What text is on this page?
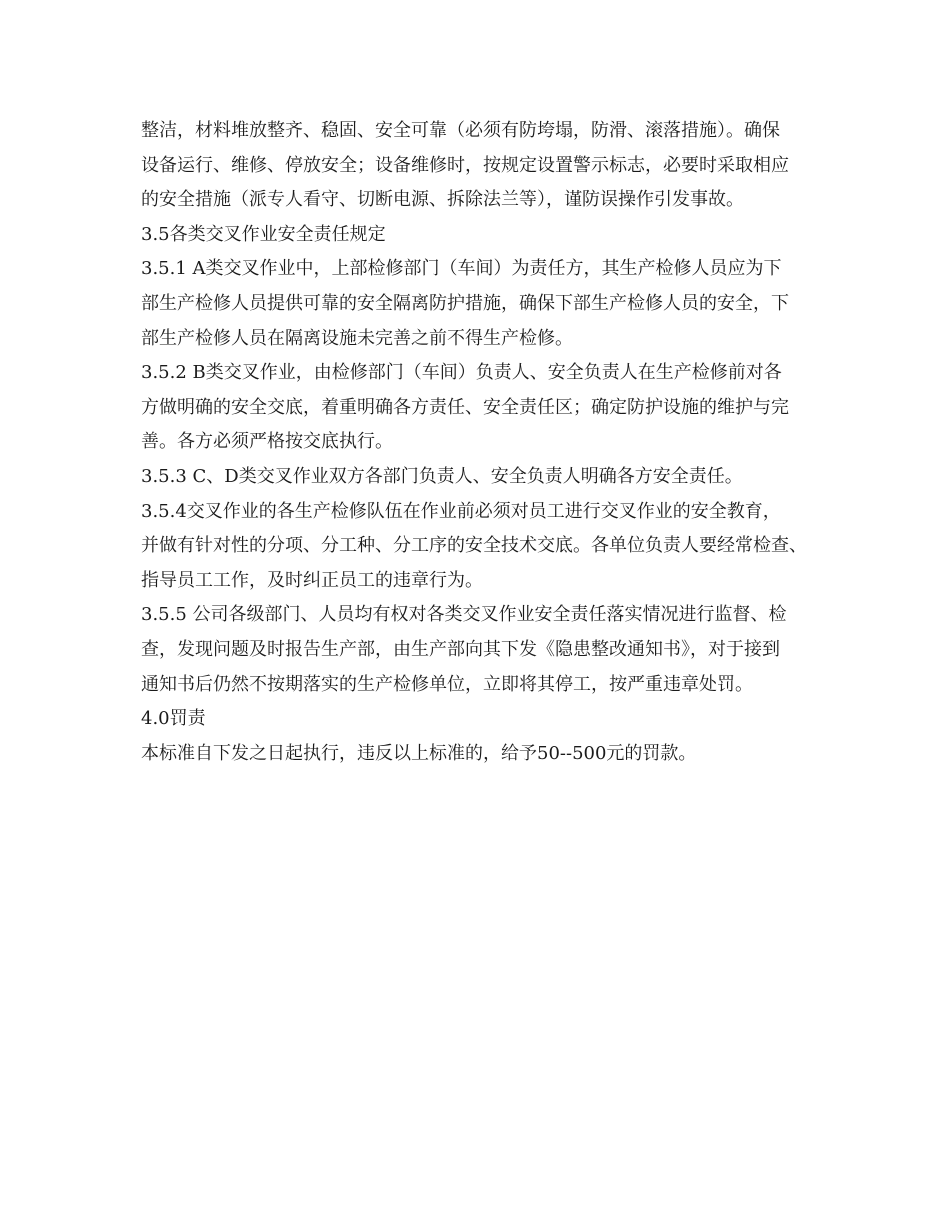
整洁，材料堆放整齐、稳固、安全可靠（必须有防垮塌，防滑、滚落措施）。确保
设备运行、维修、停放安全；设备维修时，按规定设置警示标志，必要时采取相应
的安全措施（派专人看守、切断电源、拆除法兰等），谨防误操作引发事故。
3.5各类交叉作业安全责任规定
3.5.1 A类交叉作业中，上部检修部门（车间）为责任方，其生产检修人员应为下
部生产检修人员提供可靠的安全隔离防护措施，确保下部生产检修人员的安全，下
部生产检修人员在隔离设施未完善之前不得生产检修。
3.5.2 B类交叉作业，由检修部门（车间）负责人、安全负责人在生产检修前对各
方做明确的安全交底，着重明确各方责任、安全责任区；确定防护设施的维护与完
善。各方必须严格按交底执行。
3.5.3 C、D类交叉作业双方各部门负责人、安全负责人明确各方安全责任。
3.5.4交叉作业的各生产检修队伍在作业前必须对员工进行交叉作业的安全教育，
并做有针对性的分项、分工种、分工序的安全技术交底。各单位负责人要经常检查、
指导员工工作，及时纠正员工的违章行为。
3.5.5 公司各级部门、人员均有权对各类交叉作业安全责任落实情况进行监督、检
查，发现问题及时报告生产部，由生产部向其下发《隐患整改通知书》，对于接到
通知书后仍然不按期落实的生产检修单位，立即将其停工，按严重违章处罚。
4.0罚责
本标准自下发之日起执行，违反以上标准的，给予50--500元的罚款。
